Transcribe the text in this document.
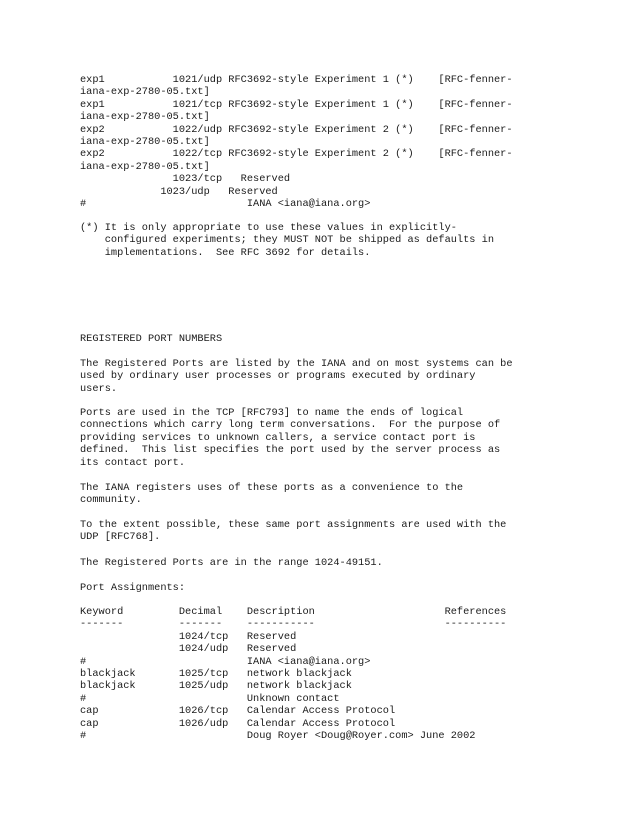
exp1           1021/udp RFC3692-style Experiment 1 (*)    [RFC-fenner-
iana-exp-2780-05.txt]
exp1           1021/tcp RFC3692-style Experiment 1 (*)    [RFC-fenner-
iana-exp-2780-05.txt]
exp2           1022/udp RFC3692-style Experiment 2 (*)    [RFC-fenner-
iana-exp-2780-05.txt]
exp2           1022/tcp RFC3692-style Experiment 2 (*)    [RFC-fenner-
iana-exp-2780-05.txt]
1023/tcp   Reserved
1023/udp   Reserved
#                          IANA <iana@iana.org>
(*) It is only appropriate to use these values in explicitly-
configured experiments; they MUST NOT be shipped as defaults in
implementations.  See RFC 3692 for details.
REGISTERED PORT NUMBERS
The Registered Ports are listed by the IANA and on most systems can be
used by ordinary user processes or programs executed by ordinary
users.
Ports are used in the TCP [RFC793] to name the ends of logical
connections which carry long term conversations.  For the purpose of
providing services to unknown callers, a service contact port is
defined.  This list specifies the port used by the server process as
its contact port.
The IANA registers uses of these ports as a convenience to the
community.
To the extent possible, these same port assignments are used with the
UDP [RFC768].
The Registered Ports are in the range 1024-49151.
Port Assignments:
Keyword         Decimal    Description                     References
-------         -------    -----------                     ----------
1024/tcp   Reserved
1024/udp   Reserved
#                          IANA <iana@iana.org>
blackjack       1025/tcp   network blackjack
blackjack       1025/udp   network blackjack
#                          Unknown contact
cap             1026/tcp   Calendar Access Protocol
cap             1026/udp   Calendar Access Protocol
#                          Doug Royer <Doug@Royer.com> June 2002
